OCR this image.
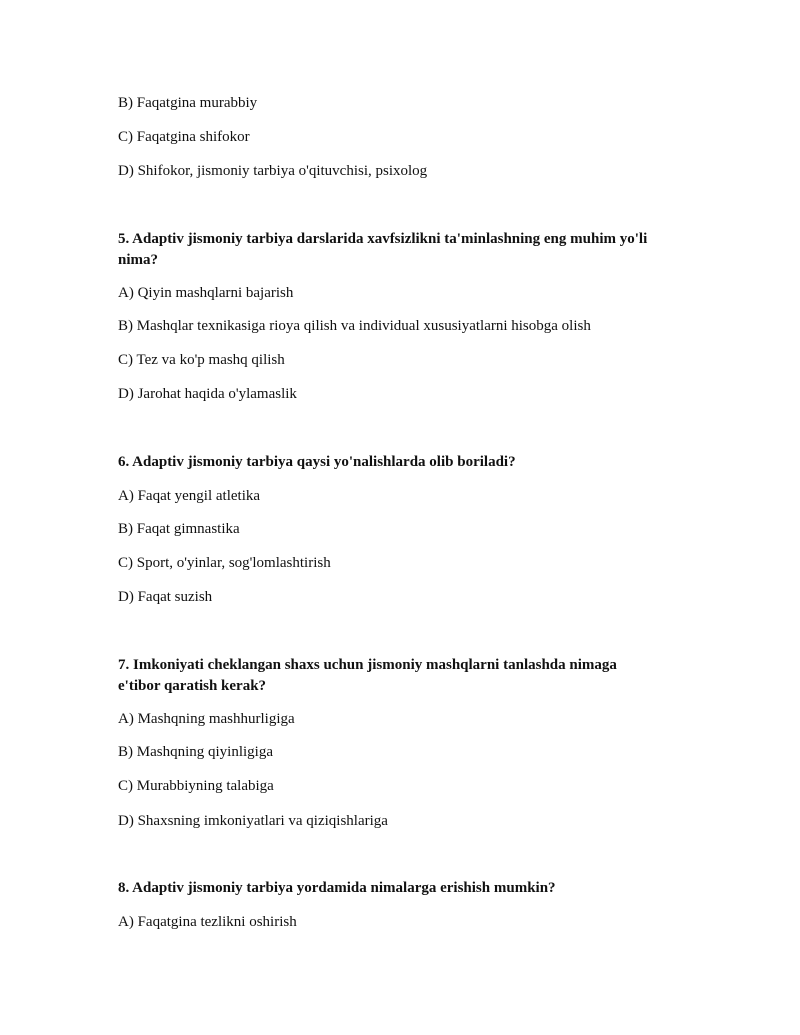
B) Faqatgina murabbiy
C) Faqatgina shifokor
D) Shifokor, jismoniy tarbiya o'qituvchisi, psixolog
5. Adaptiv jismoniy tarbiya darslarida xavfsizlikni ta'minlashning eng muhim yo'li
nima?
A) Qiyin mashqlarni bajarish
B) Mashqlar texnikasiga rioya qilish va individual xususiyatlarni hisobga olish
C) Tez va ko'p mashq qilish
D) Jarohat haqida o'ylamaslik
6. Adaptiv jismoniy tarbiya qaysi yo'nalishlarda olib boriladi?
A) Faqat yengil atletika
B) Faqat gimnastika
C) Sport, o'yinlar, sog'lomlashtirish
D) Faqat suzish
7. Imkoniyati cheklangan shaxs uchun jismoniy mashqlarni tanlashda nimaga
e'tibor qaratish kerak?
A) Mashqning mashhurligiga
B) Mashqning qiyinligiga
C) Murabbiyning talabiga
D) Shaxsning imkoniyatlari va qiziqishlariga
8. Adaptiv jismoniy tarbiya yordamida nimalarga erishish mumkin?
A) Faqatgina tezlikni oshirish
